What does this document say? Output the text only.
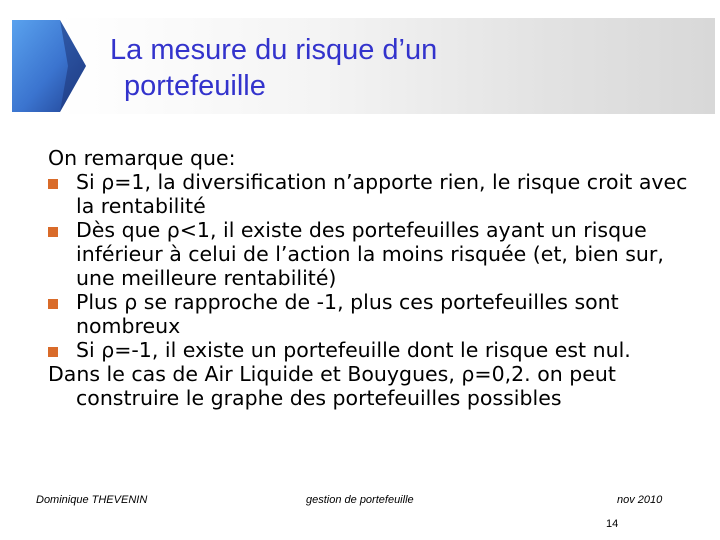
La mesure du risque d’un
portefeuille

On remarque que:

Si ρ=1, la diversification n’apporte rien, le risque croit avec la rentabilité
Dès que ρ<1, il existe des portefeuilles ayant un risque inférieur à celui de l’action la moins risquée (et, bien sur, une meilleure rentabilité)
Plus ρ se rapproche de -1, plus ces portefeuilles sont nombreux
Si ρ=-1, il existe un portefeuille dont le risque est nul.

Dans le cas de Air Liquide et Bouygues, ρ=0,2. on peut

construire le graphe des portefeuilles possibles

Dominique THEVENIN	gestion de portefeuille	nov 2010
14
